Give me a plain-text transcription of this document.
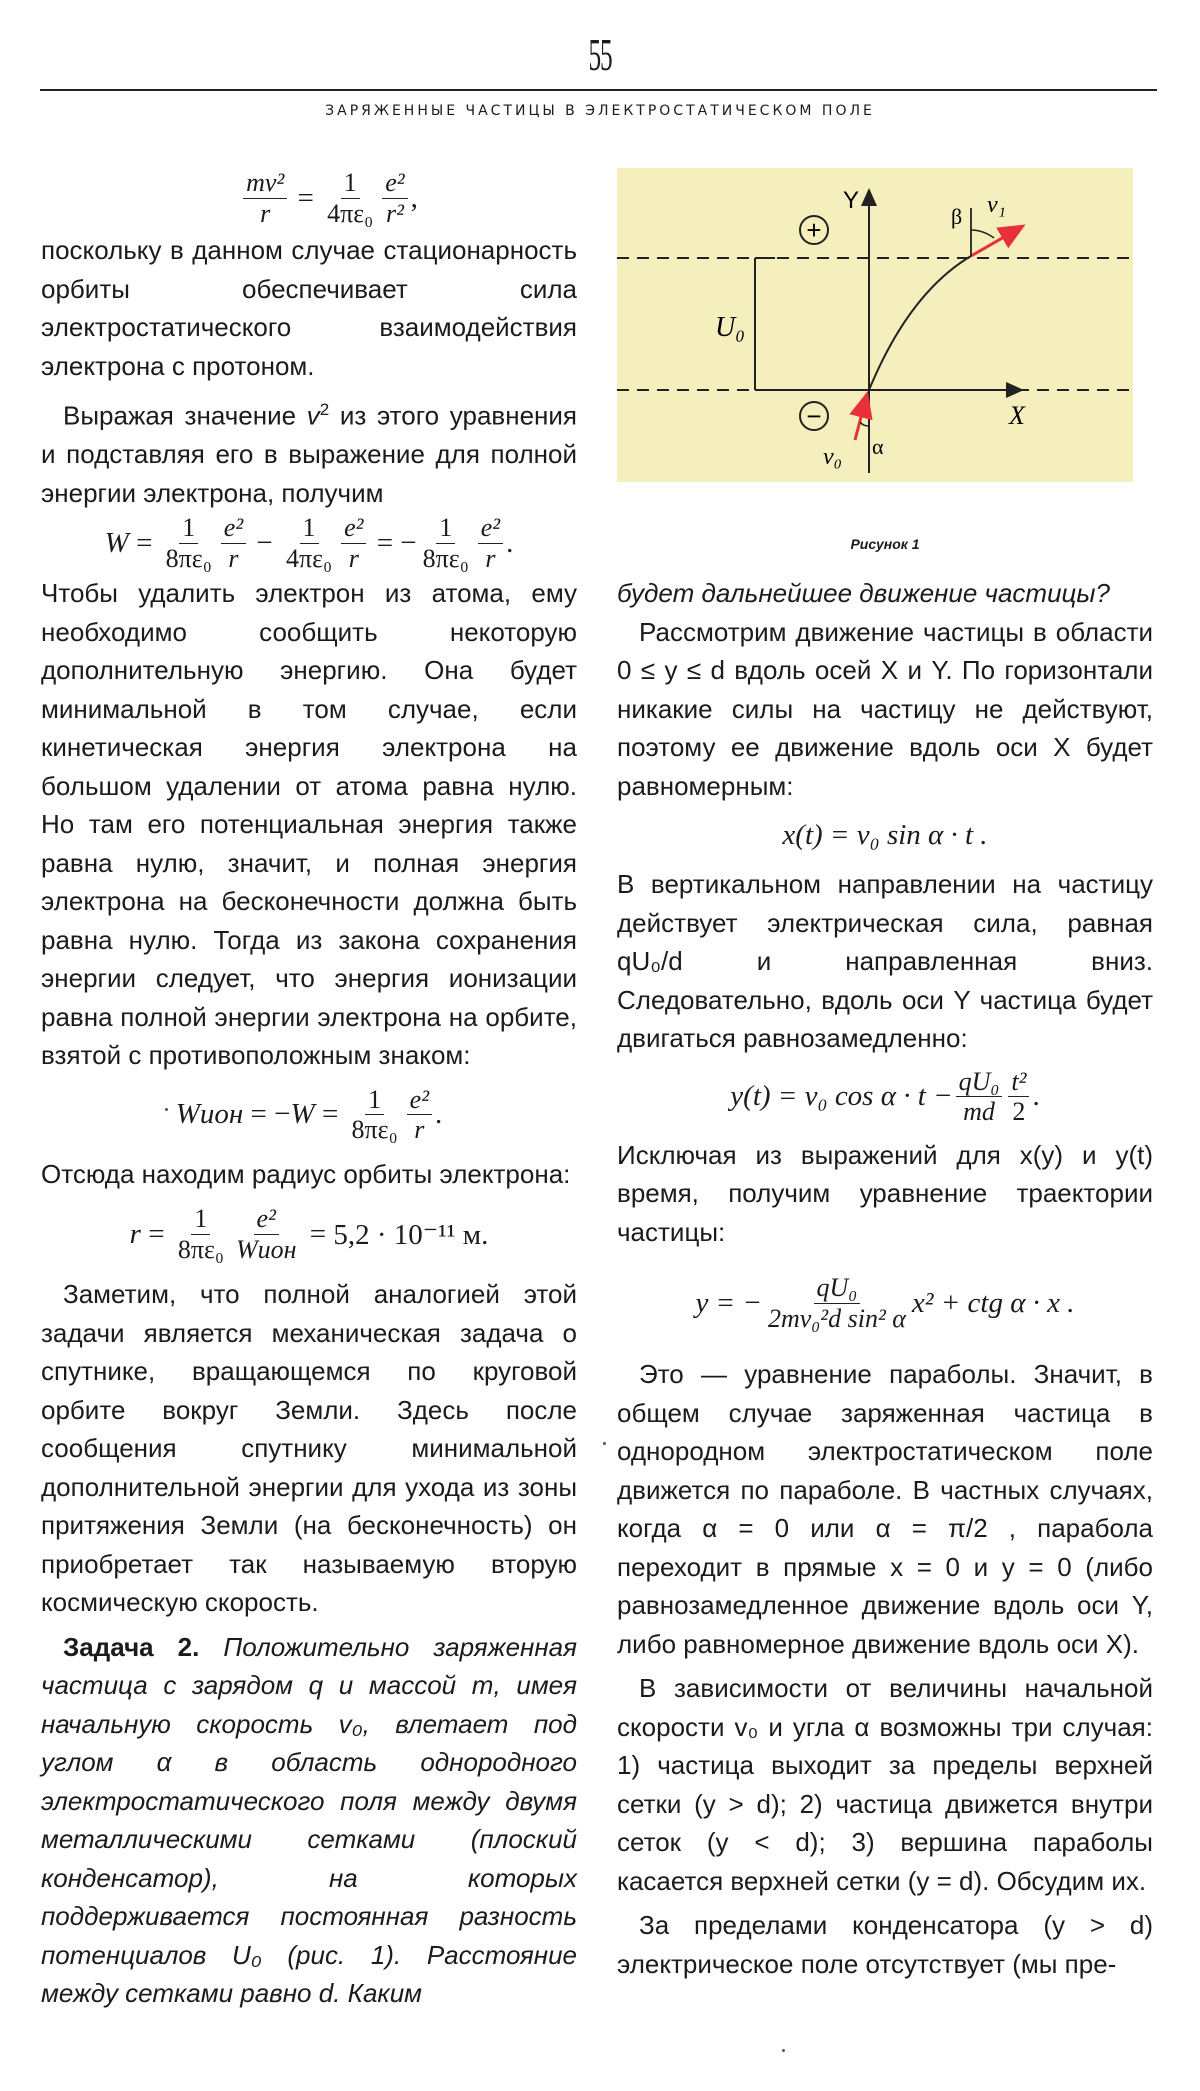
55
ЗАРЯЖЕННЫЕ ЧАСТИЦЫ В ЭЛЕКТРОСТАТИЧЕСКОМ ПОЛЕ
$\frac{\text{mv²}}{r} = \frac{1}{\text{4πε₀}} \frac{\text{e²}}{\text{r²}}$ ,

поскольку в данном случае стационарность орбиты обеспечивает сила электростатического взаимодействия электрона с протоном.

Выражая значение $v^2$ из этого уравнения и подставляя его в выражение для полной энергии электрона, получим

$W = \frac{1}{\text{8πε₀}} \frac{\text{e²}}{r} - \frac{1}{\text{4πε₀}} \frac{\text{e²}}{r}$ = − $\frac{1}{\text{8πε₀}} \frac{\text{e²}}{r}$ .

Чтобы удалить электрон из атома, ему необходимо сообщить некоторую дополнительную энергию. Она будет минимальной в том случае, если кинетическая энергия электрона на большом удалении от атома равна нулю. Но там его потенциальная энергия также равна нулю, значит, и полная энергия электрона на бесконечности должна быть равна нулю. Тогда из закона сохранения энергии следует, что энергия ионизации равна полной энергии электрона на орбите, взятой с противоположным знаком:

Wион = $-W = \frac{1}{\text{8πε₀}} \frac{\text{e²}}{r}$ .

Отсюда находим радиус орбиты электрона:

$r = \frac{1}{\text{8πε₀}} \frac{\text{e²}}{\text{Wион}} = 5,2 \cdot 10^{-11}$ м.

Заметим, что полной аналогией этой задачи является механическая задача о спутнике, вращающемся по круговой орбите вокруг Земли. Здесь после сообщения спутнику минимальной дополнительной энергии для ухода из зоны притяжения Земли (на бесконечность) он приобретает так называемую вторую космическую скорость.

Задача 2. Положительно заряженная частица с зарядом q и массой m, имея начальную скорость v₀, влетает под углом α в область однородного электростатического поля между двумя металлическими сетками (плоский конденсатор), на которых поддерживается постоянная разность потенциалов U₀ (рис. 1). Расстояние между сетками равно d. Каким

+
−
Y
X
U₀
v₀ α
v₁
β
Рисунок 1

будет дальнейшее движение частицы?

Рассмотрим движение частицы в области 0 ≤ y ≤ d вдоль осей X и Y. По горизонтали никакие силы на частицу не действуют, поэтому ее движение вдоль оси X будет равномерным:

x(t) = v₀ sin α · t .

В вертикальном направлении на частицу действует электрическая сила, равная qU₀/d и направленная вниз. Следовательно, вдоль оси Y частица будет двигаться равнозамедленно:

y(t) = v₀ $\cos \alpha \cdot t - \frac{\text{qU₀}}{md} \frac{\text{t²}}{2}$ .

Исключая из выражений для x(y) и y(t) время, получим уравнение траектории частицы:

y = − $\frac{\text{qU₀}}{\text{2mv₀²d sin² α}} x^2$ + ctg α · x .

Это — уравнение параболы. Значит, в общем случае заряженная частица в однородном электростатическом поле движется по параболе. В частных случаях, когда α = 0 или α = π/2 , парабола переходит в прямые x = 0 и y = 0 (либо равнозамедленное движение вдоль оси Y, либо равномерное движение вдоль оси X).

В зависимости от величины начальной скорости v₀ и угла α возможны три случая: 1) частица выходит за пределы верхней сетки (y > d); 2) частица движется внутри сеток (y < d); 3) вершина параболы касается верхней сетки (y = d). Обсудим их.

За пределами конденсатора (y > d) электрическое поле отсутствует (мы пре-
